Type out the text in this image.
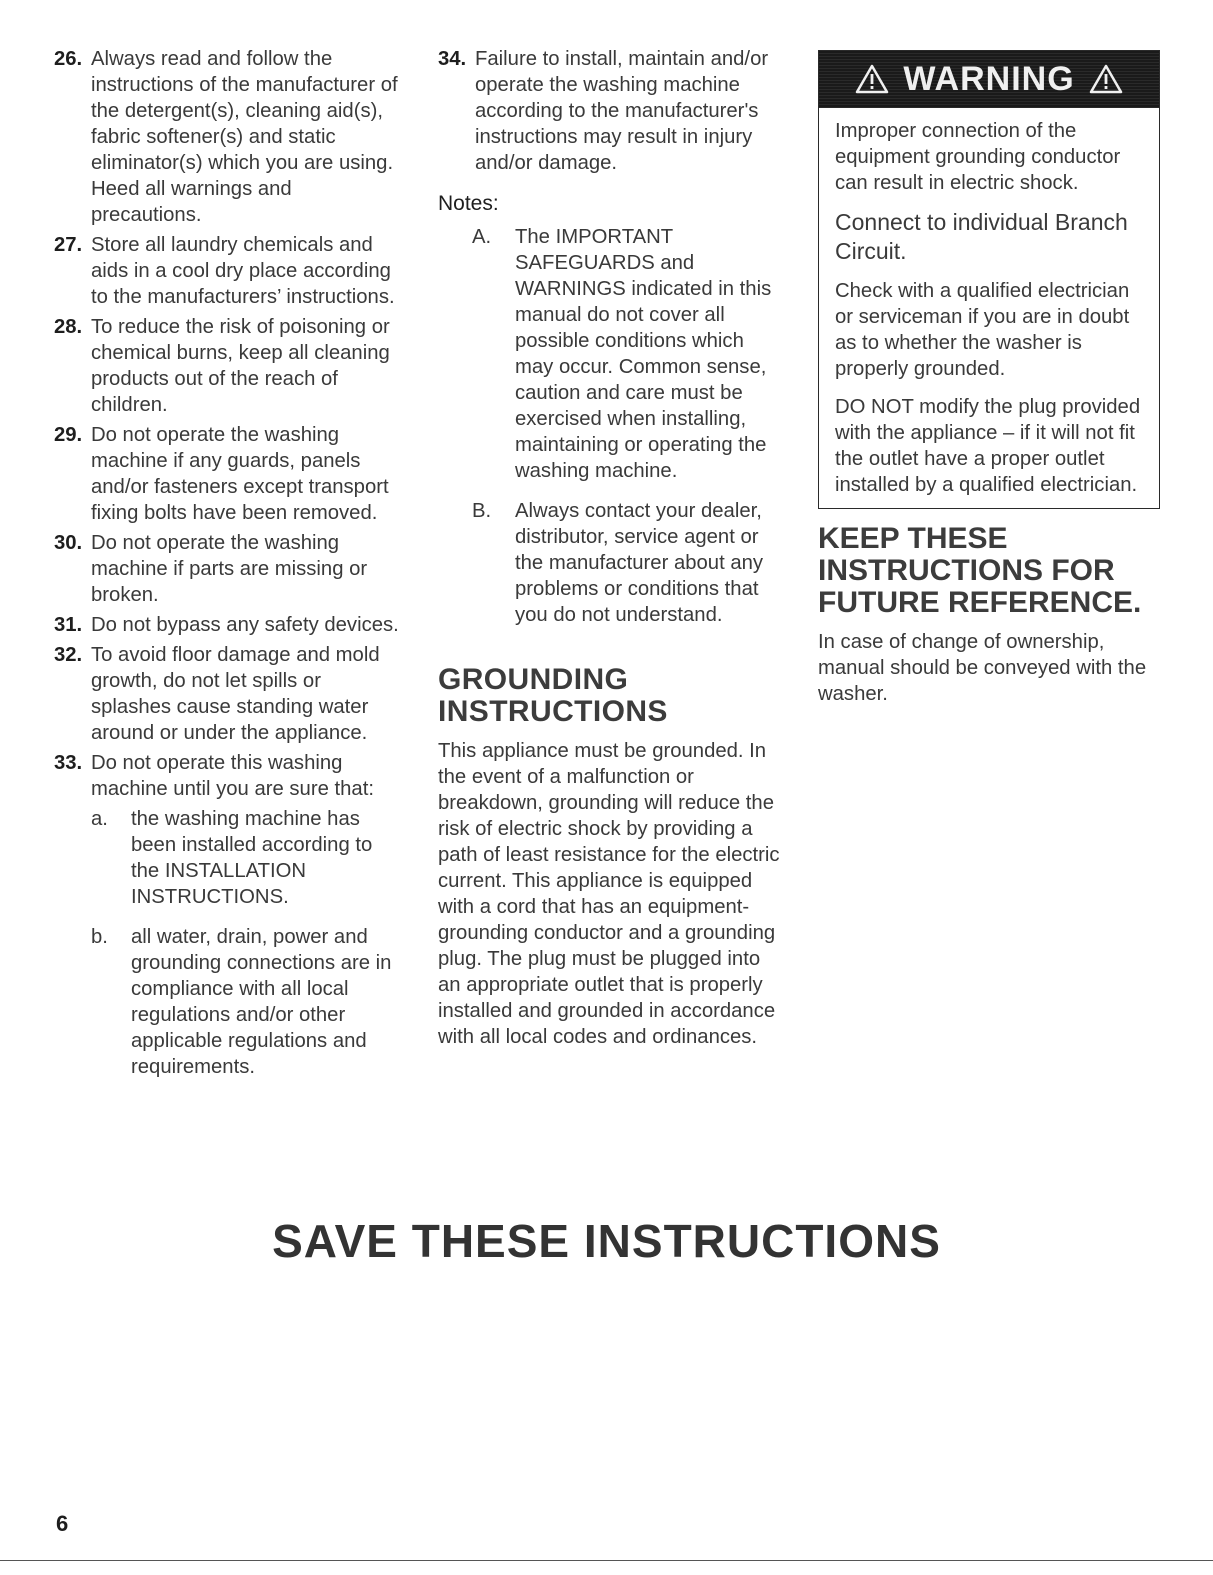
26. Always read and follow the instructions of the manufacturer of the detergent(s), cleaning aid(s), fabric softener(s) and static eliminator(s) which you are using. Heed all warnings and precautions.
27. Store all laundry chemicals and aids in a cool dry place according to the manufacturers’ instructions.
28. To reduce the risk of poisoning or chemical burns, keep all cleaning products out of the reach of children.
29. Do not operate the washing machine if any guards, panels and/or fasteners except transport fixing bolts have been removed.
30. Do not operate the washing machine if parts are missing or broken.
31. Do not bypass any safety devices.
32. To avoid floor damage and mold growth, do not let spills or splashes cause standing water around or under the appliance.
33. Do not operate this washing machine until you are sure that:
a.	the washing machine has been installed according to the INSTALLATION INSTRUCTIONS.
b.	all water, drain, power and grounding connections are in compliance with all local regulations and/or other applicable regulations and requirements.
34. Failure to install, maintain and/or operate the washing machine according to the manufacturer's instructions may result in injury and/or damage.
Notes:
A.	The IMPORTANT SAFEGUARDS and WARNINGS indicated in this manual do not cover all possible conditions which may occur. Common sense, caution and care must be exercised when installing, maintaining or operating the washing machine.
B.	Always contact your dealer, distributor, service agent or the manufacturer about any problems or conditions that you do not understand.
GROUNDING INSTRUCTIONS
This appliance must be grounded. In the event of a malfunction or breakdown, grounding will reduce the risk of electric shock by providing a path of least resistance for the electric current. This appliance is equipped with a cord that has an equipment-grounding conductor and a grounding plug. The plug must be plugged into an appropriate outlet that is properly installed and grounded in accordance with all local codes and ordinances.
WARNING
Improper connection of the equipment grounding conductor can result in electric shock.
Connect to individual Branch Circuit.
Check with a qualified electrician or serviceman if you are in doubt as to whether the washer is properly grounded.
DO NOT modify the plug provided with the appliance – if it will not fit the outlet have a proper outlet installed by a qualified electrician.
KEEP THESE INSTRUCTIONS FOR FUTURE REFERENCE.
In case of change of ownership, manual should be conveyed with the washer.
SAVE THESE INSTRUCTIONS
6
